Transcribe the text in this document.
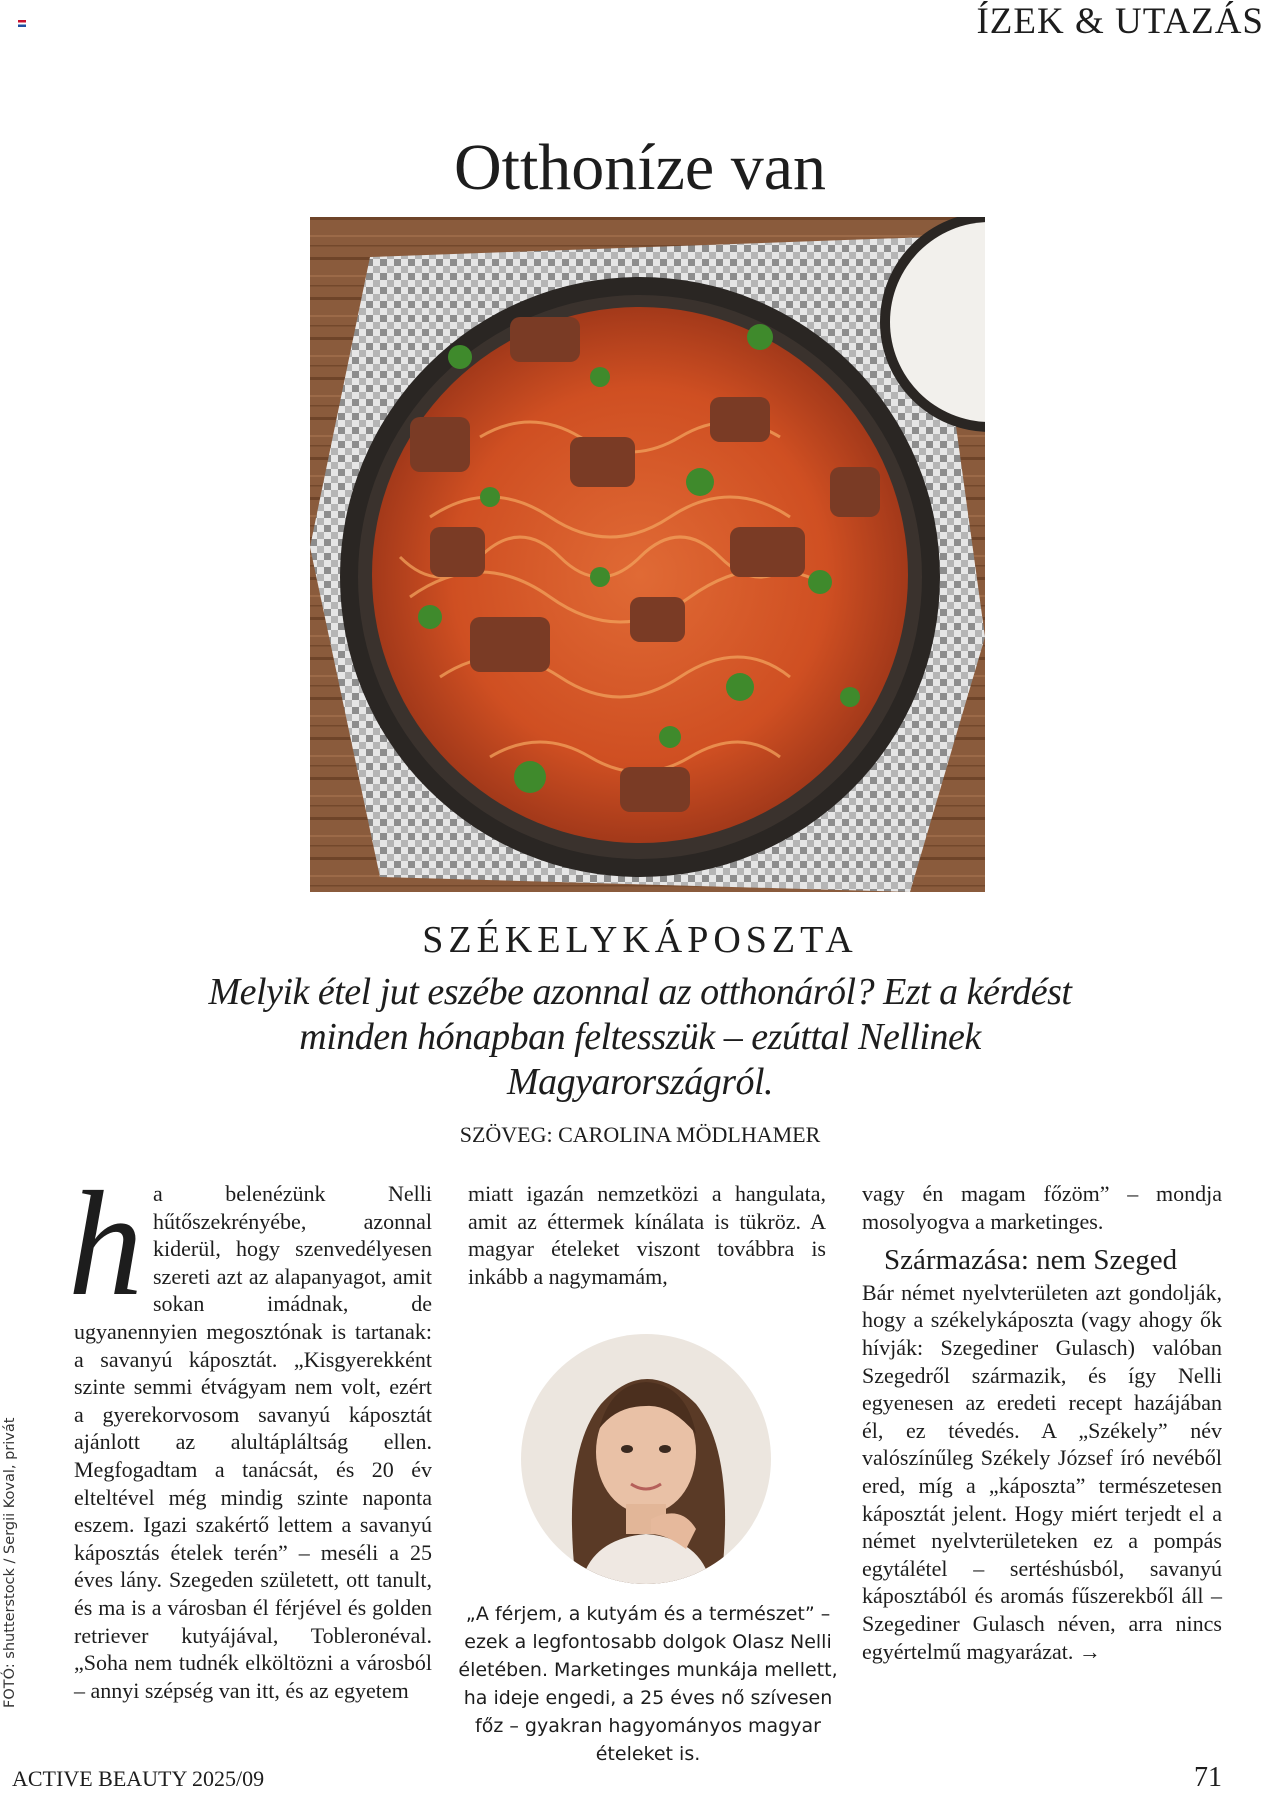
ÍZEK & UTAZÁS
Otthoníze van
SZÉKELYKÁPOSZTA
Melyik étel jut eszébe azonnal az otthonáról? Ezt a kérdést minden hónapban feltesszük – ezúttal Nellinek Magyarországról.
SZÖVEG: CAROLINA MÖDLHAMER
h a belenézünk Nelli hűtőszekrényébe, azonnal kiderül, hogy szenvedélyesen szereti azt az alapanyagot, amit sokan imádnak, de ugyanennyien megosztónak is tartanak: a savanyú káposztát. „Kisgyerekként szinte semmi étvágyam nem volt, ezért a gyerekorvosom savanyú káposztát ajánlott az alultápláltság ellen. Megfogadtam a tanácsát, és 20 év elteltével még mindig szinte naponta eszem. Igazi szakértő lettem a savanyú káposztás ételek terén” – meséli a 25 éves lány. Szegeden született, ott tanult, és ma is a városban él férjével és golden retriever kutyájával, Tobleronéval. „Soha nem tudnék elköltözni a városból – annyi szépség van itt, és az egyetem

miatt igazán nemzetközi a hangulata, amit az éttermek kínálata is tükröz. A magyar ételeket viszont továbbra is inkább a nagymamám,

„A férjem, a kutyám és a természet” – ezek a legfontosabb dolgok Olasz Nelli életében. Marketinges munkája mellett, ha ideje engedi, a 25 éves nő szívesen főz – gyakran hagyományos magyar ételeket is.

vagy én magam főzöm” – mondja mosolyogva a marketinges.

Származása: nem Szeged

Bár német nyelvterületen azt gondolják, hogy a székelykáposzta (vagy ahogy ők hívják: Szegediner Gulasch) valóban Szegedről származik, és így Nelli egyenesen az eredeti recept hazájában él, ez tévedés. A „Székely” név valószínűleg Székely József író nevéből ered, míg a „káposzta” természetesen káposztát jelent. Hogy miért terjedt el a német nyelvterületeken ez a pompás egytálétel – sertéshúsból, savanyú káposztából és aromás fűszerekből áll – Szegediner Gulasch néven, arra nincs egyértelmű magyarázat. →

FOTÓ: shutterstock / Sergii Koval, privát
ACTIVE BEAUTY 2025/09	71
